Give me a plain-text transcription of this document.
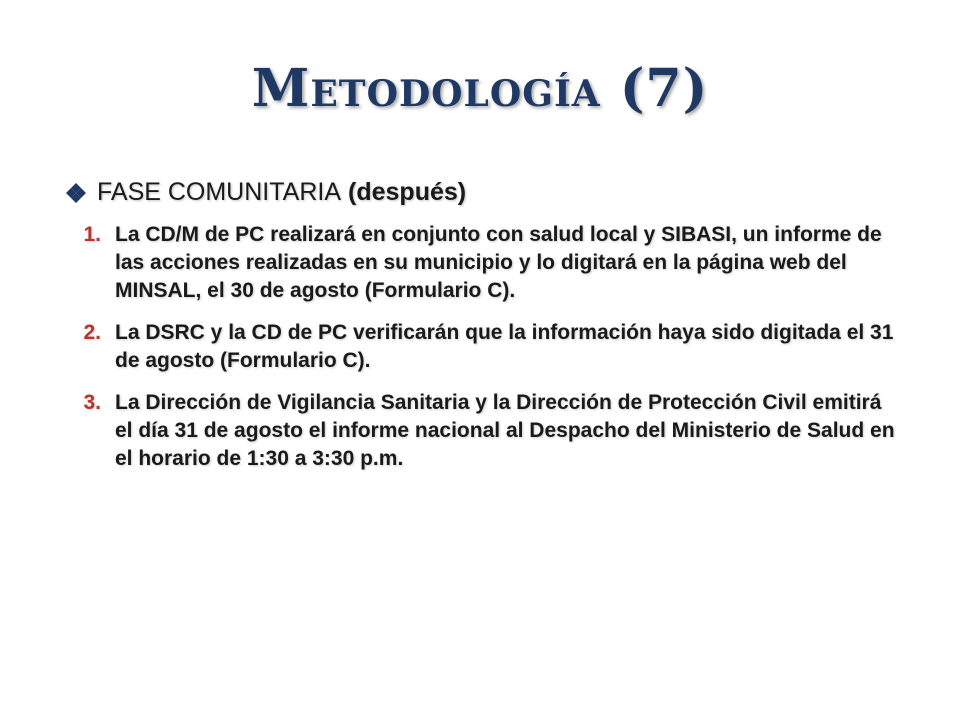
Metodología (7)
FASE COMUNITARIA (después)
1. La CD/M de PC realizará en conjunto con salud local y SIBASI, un informe de las acciones realizadas en su municipio y lo digitará en la página web del MINSAL, el 30 de agosto (Formulario C).
2. La DSRC y la CD de PC verificarán que la información haya sido digitada el 31 de agosto (Formulario C).
3. La Dirección de Vigilancia Sanitaria y la Dirección de Protección Civil emitirá el día 31 de agosto el informe nacional al Despacho del Ministerio de Salud en el horario de 1:30 a 3:30 p.m.
